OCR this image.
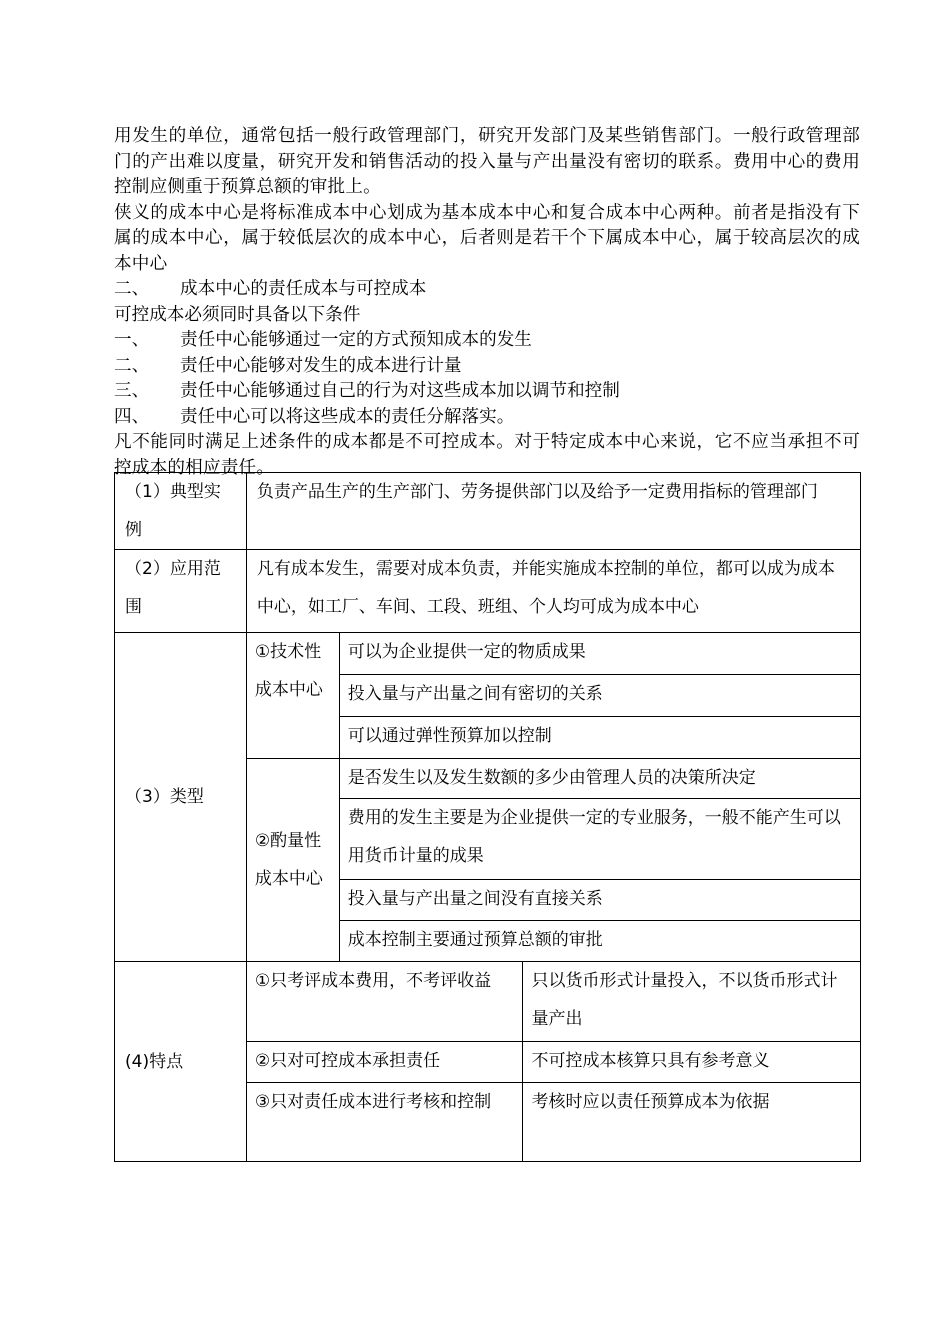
用发生的单位，通常包括一般行政管理部门，研究开发部门及某些销售部门。一般行政管理部门的产出难以度量，研究开发和销售活动的投入量与产出量没有密切的联系。费用中心的费用控制应侧重于预算总额的审批上。

侠义的成本中心是将标准成本中心划成为基本成本中心和复合成本中心两种。前者是指没有下属的成本中心，属于较低层次的成本中心，后者则是若干个下属成本中心，属于较高层次的成本中心

二、 成本中心的责任成本与可控成本

可控成本必须同时具备以下条件

一、 责任中心能够通过一定的方式预知成本的发生

二、 责任中心能够对发生的成本进行计量

三、 责任中心能够通过自己的行为对这些成本加以调节和控制

四、 责任中心可以将这些成本的责任分解落实。

凡不能同时满足上述条件的成本都是不可控成本。对于特定成本中心来说，它不应当承担不可控成本的相应责任。

（1）典型实例	负责产品生产的生产部门、劳务提供部门以及给予一定费用指标的管理部门		
（2）应用范围	凡有成本发生，需要对成本负责，并能实施成本控制的单位，都可以成为成本中心，如工厂、车间、工段、班组、个人均可成为成本中心		
（3）类型	①技术性成本中心	可以为企业提供一定的物质成果	
		投入量与产出量之间有密切的关系	
		可以通过弹性预算加以控制	
	②酌量性成本中心	是否发生以及发生数额的多少由管理人员的决策所决定	
		费用的发生主要是为企业提供一定的专业服务，一般不能产生可以用货币计量的成果	
		投入量与产出量之间没有直接关系	
		成本控制主要通过预算总额的审批	
(4)特点	①只考评成本费用，不考评收益		只以货币形式计量投入，不以货币形式计量产出
	②只对可控成本承担责任		不可控成本核算只具有参考意义
	③只对责任成本进行考核和控制		考核时应以责任预算成本为依据
